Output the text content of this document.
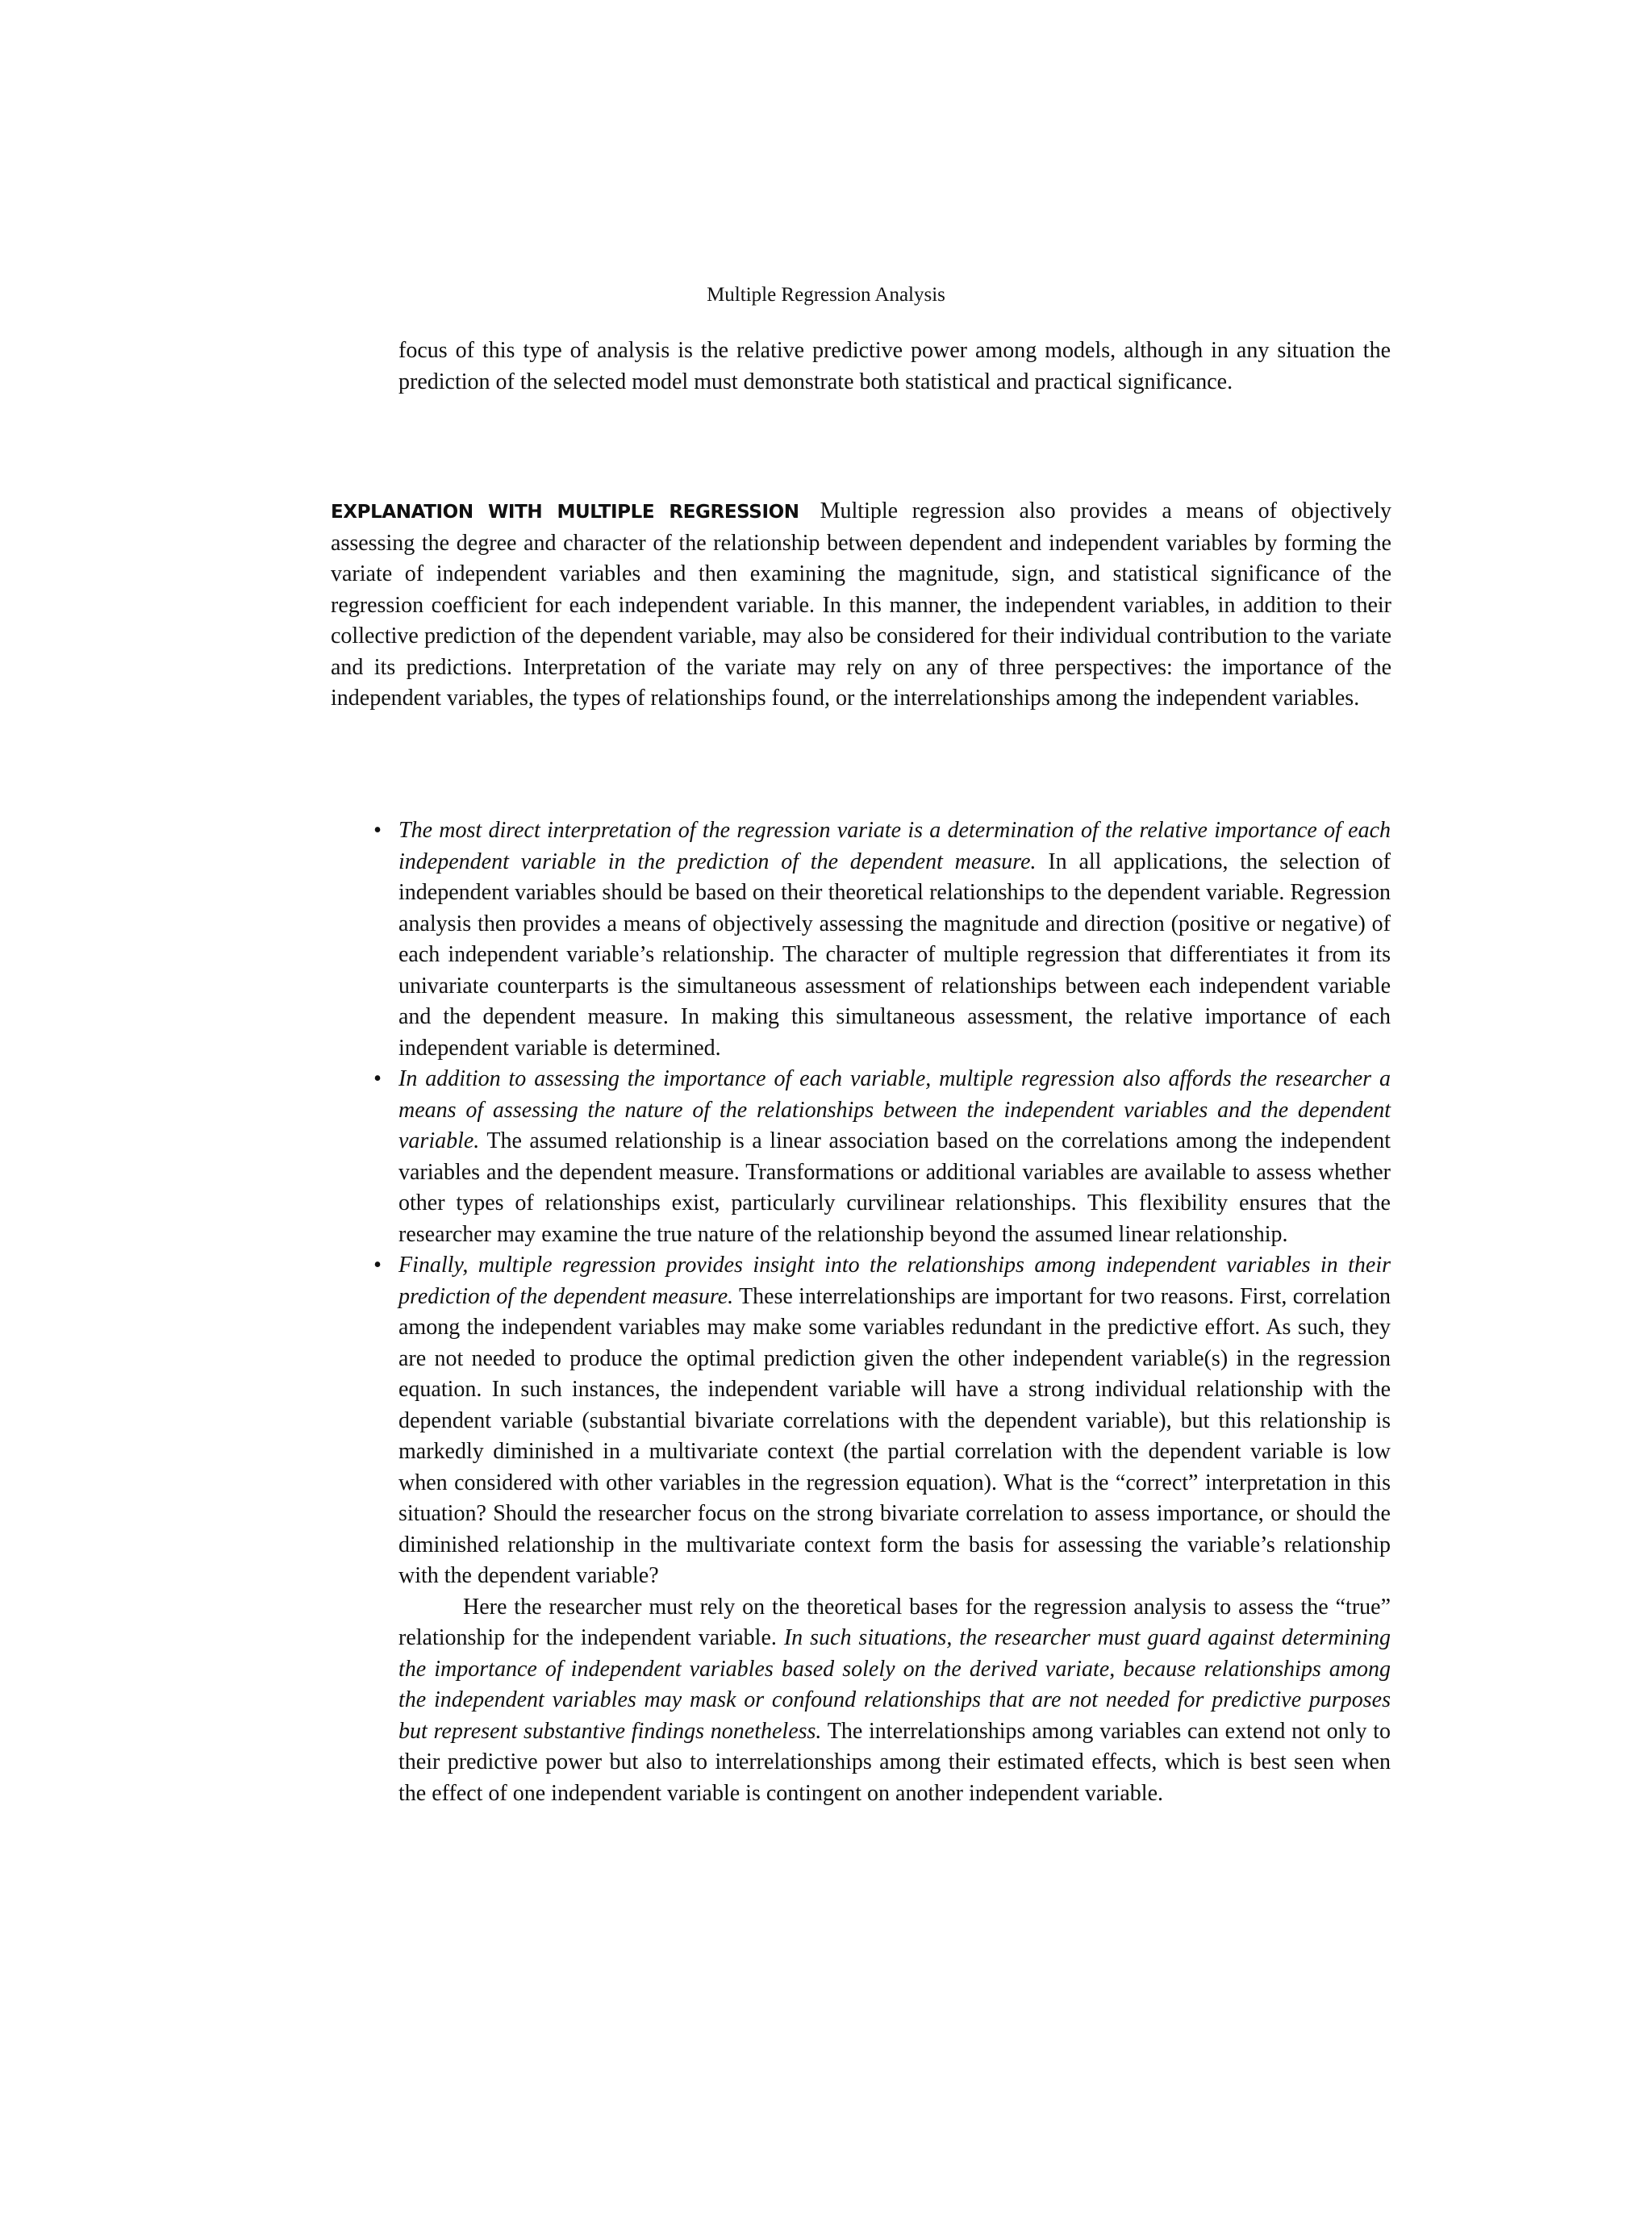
Multiple Regression Analysis

focus of this type of analysis is the relative predictive power among models, although in any situation the prediction of the selected model must demonstrate both statistical and practical significance.

EXPLANATION WITH MULTIPLE REGRESSION Multiple regression also provides a means of objectively assessing the degree and character of the relationship between dependent and independent variables by forming the variate of independent variables and then examining the magnitude, sign, and statistical significance of the regression coefficient for each independent variable. In this manner, the independent variables, in addition to their collective prediction of the dependent variable, may also be considered for their individual contribution to the variate and its predictions. Interpretation of the variate may rely on any of three perspectives: the importance of the independent variables, the types of relationships found, or the interrelationships among the independent variables.

• The most direct interpretation of the regression variate is a determination of the relative importance of each independent variable in the prediction of the dependent measure. In all applications, the selection of independent variables should be based on their theoretical relationships to the dependent variable. Regression analysis then provides a means of objectively assessing the magnitude and direction (positive or negative) of each independent variable’s relationship. The character of multiple regression that differentiates it from its univariate counterparts is the simultaneous assessment of relationships between each independent variable and the dependent measure. In making this simultaneous assessment, the relative importance of each independent variable is determined.

• In addition to assessing the importance of each variable, multiple regression also affords the researcher a means of assessing the nature of the relationships between the independent variables and the dependent variable. The assumed relationship is a linear association based on the correlations among the independent variables and the dependent measure. Transformations or additional variables are available to assess whether other types of relationships exist, particularly curvilinear relationships. This flexibility ensures that the researcher may examine the true nature of the relationship beyond the assumed linear relationship.

• Finally, multiple regression provides insight into the relationships among independent variables in their prediction of the dependent measure. These interrelationships are important for two reasons. First, correlation among the independent variables may make some variables redundant in the predictive effort. As such, they are not needed to produce the optimal prediction given the other independent variable(s) in the regression equation. In such instances, the independent variable will have a strong individual relationship with the dependent variable (substantial bivariate correlations with the dependent variable), but this relationship is markedly diminished in a multivariate context (the partial correlation with the dependent variable is low when considered with other variables in the regression equation). What is the “correct” interpretation in this situation? Should the researcher focus on the strong bivariate correlation to assess importance, or should the diminished relationship in the multivariate context form the basis for assessing the variable’s relationship with the dependent variable?

Here the researcher must rely on the theoretical bases for the regression analysis to assess the “true” relationship for the independent variable. In such situations, the researcher must guard against determining the importance of independent variables based solely on the derived variate, because relationships among the independent variables may mask or confound relationships that are not needed for predictive purposes but represent substantive findings nonetheless. The interrelationships among variables can extend not only to their predictive power but also to interrelationships among their estimated effects, which is best seen when the effect of one independent variable is contingent on another independent variable.
